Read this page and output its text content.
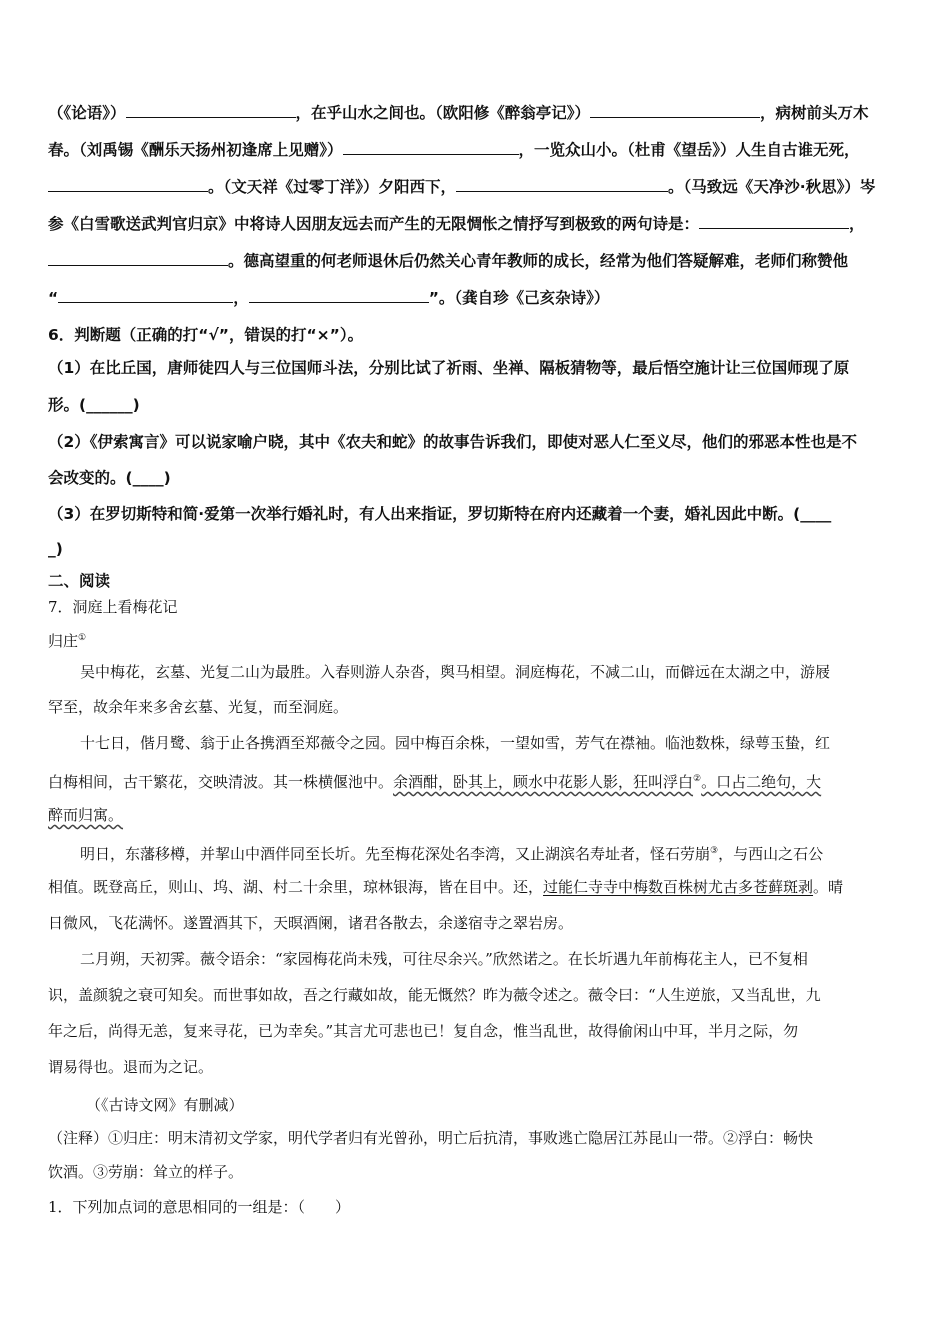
（《论语》）	，在乎山水之间也。（欧阳修《醉翁亭记》）	，病树前头万木

春。（刘禹锡《酬乐天扬州初逢席上见赠》）	，一览众山小。（杜甫《望岳》）人生自古谁无死，

。（文天祥《过零丁洋》）夕阳西下，	。（马致远《天净沙·秋思》）岑

参《白雪歌送武判官归京》中将诗人因朋友远去而产生的无限惆怅之情抒写到极致的两句诗是：	，

。德高望重的何老师退休后仍然关心青年教师的成长，经常为他们答疑解难，老师们称赞他

“	，	”。（龚自珍《己亥杂诗》）

6．判断题（正确的打“√”，错误的打“×”）。

（1）在比丘国，唐师徒四人与三位国师斗法，分别比试了祈雨、坐禅、隔板猜物等，最后悟空施计让三位国师现了原

形。(______)

（2）《伊索寓言》可以说家喻户晓，其中《农夫和蛇》的故事告诉我们，即使对恶人仁至义尽，他们的邪恶本性也是不

会改变的。(____)

（3）在罗切斯特和简·爱第一次举行婚礼时，有人出来指证，罗切斯特在府内还藏着一个妻，婚礼因此中断。(____

_)

二、阅读

7．洞庭上看梅花记

归庄①

吴中梅花，玄墓、光复二山为最胜。入春则游人杂沓，舆马相望。洞庭梅花，不减二山，而僻远在太湖之中，游屐

罕至，故余年来多舍玄墓、光复，而至洞庭。

十七日，偕月鹭、翁于止各携酒至郑薇令之园。园中梅百余株，一望如雪，芳气在襟袖。临池数株，绿萼玉蛰，红

白梅相间，古干繁花，交映清波。其一株横偃池中。余酒酣，卧其上，顾水中花影人影，狂叫浮白②。口占二绝句，大

醉而归寓。

明日，东藩移樽，并挈山中酒伴同至长圻。先至梅花深处名李湾，又止湖滨名寿址者，怪石劳崩③，与西山之石公

相值。既登高丘，则山、坞、湖、村二十余里，琼林银海，皆在目中。还，过能仁寺寺中梅数百株树尤古多苍藓斑剥。晴

日微风，飞花满怀。遂置酒其下，天暝酒阑，诸君各散去，余遂宿寺之翠岩房。

二月朔，天初霁。薇令语余：“家园梅花尚未残，可往尽余兴。”欣然诺之。在长圻遇九年前梅花主人，已不复相

识，盖颜貌之衰可知矣。而世事如故，吾之行藏如故，能无慨然？昨为薇令述之。薇令曰：“人生逆旅，又当乱世，九

年之后，尚得无恙，复来寻花，已为幸矣。”其言尤可悲也已！复自念，惟当乱世，故得偷闲山中耳，半月之际，勿

谓易得也。退而为之记。

（《古诗文网》有删减）

（注释）①归庄：明末清初文学家，明代学者归有光曾孙，明亡后抗清，事败逃亡隐居江苏昆山一带。②浮白：畅快

饮酒。③劳崩：耸立的样子。

1．下列加点词的意思相同的一组是：（　　）
